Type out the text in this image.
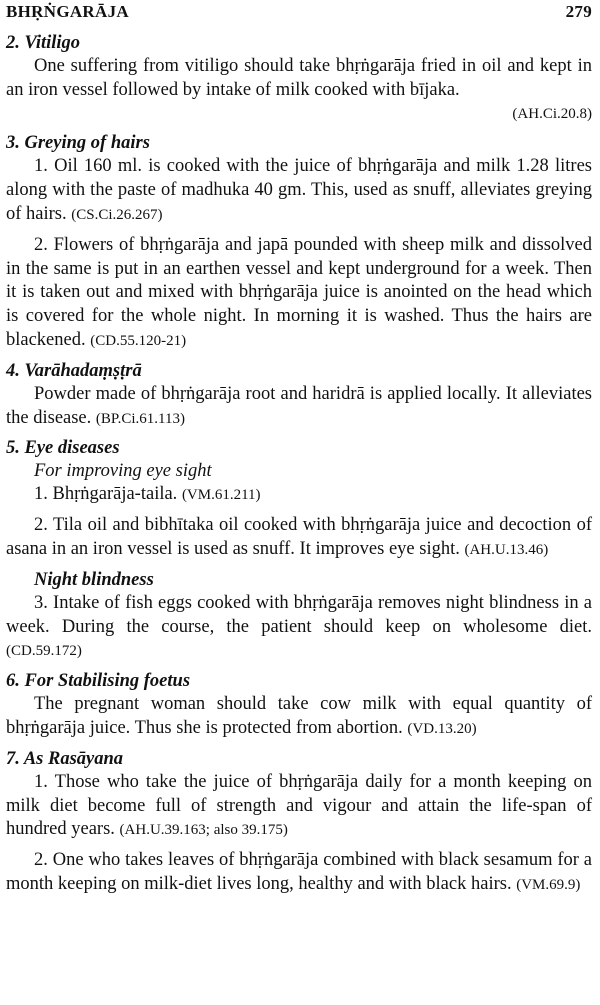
BHṚṄGARĀJA	279
2. Vitiligo

One suffering from vitiligo should take bhṛṅgarāja fried in oil and kept in an iron vessel followed by intake of milk cooked with bījaka.
(AH.Ci.20.8)

3. Greying of hairs

1. Oil 160 ml. is cooked with the juice of bhṛṅgarāja and milk 1.28 litres along with the paste of madhuka 40 gm. This, used as snuff, alleviates greying of hairs. (CS.Ci.26.267)

2. Flowers of bhṛṅgarāja and japā pounded with sheep milk and dissolved in the same is put in an earthen vessel and kept underground for a week. Then it is taken out and mixed with bhṛṅgarāja juice is anointed on the head which is covered for the whole night. In morning it is washed. Thus the hairs are blackened. (CD.55.120-21)

4. Varāhadaṃṣṭrā

Powder made of bhṛṅgarāja root and haridrā is applied locally. It alleviates the disease. (BP.Ci.61.113)

5. Eye diseases
For improving eye sight

1. Bhṛṅgarāja-taila. (VM.61.211)

2. Tila oil and bibhītaka oil cooked with bhṛṅgarāja juice and decoction of asana in an iron vessel is used as snuff. It improves eye sight. (AH.U.13.46)

Night blindness

3. Intake of fish eggs cooked with bhṛṅgarāja removes night blindness in a week. During the course, the patient should keep on wholesome diet. (CD.59.172)

6. For Stabilising foetus

The pregnant woman should take cow milk with equal quantity of bhṛṅgarāja juice. Thus she is protected from abortion. (VD.13.20)

7. As Rasāyana

1. Those who take the juice of bhṛṅgarāja daily for a month keeping on milk diet become full of strength and vigour and attain the life-span of hundred years. (AH.U.39.163; also 39.175)

2. One who takes leaves of bhṛṅgarāja combined with black sesamum for a month keeping on milk-diet lives long, healthy and with black hairs. (VM.69.9)
